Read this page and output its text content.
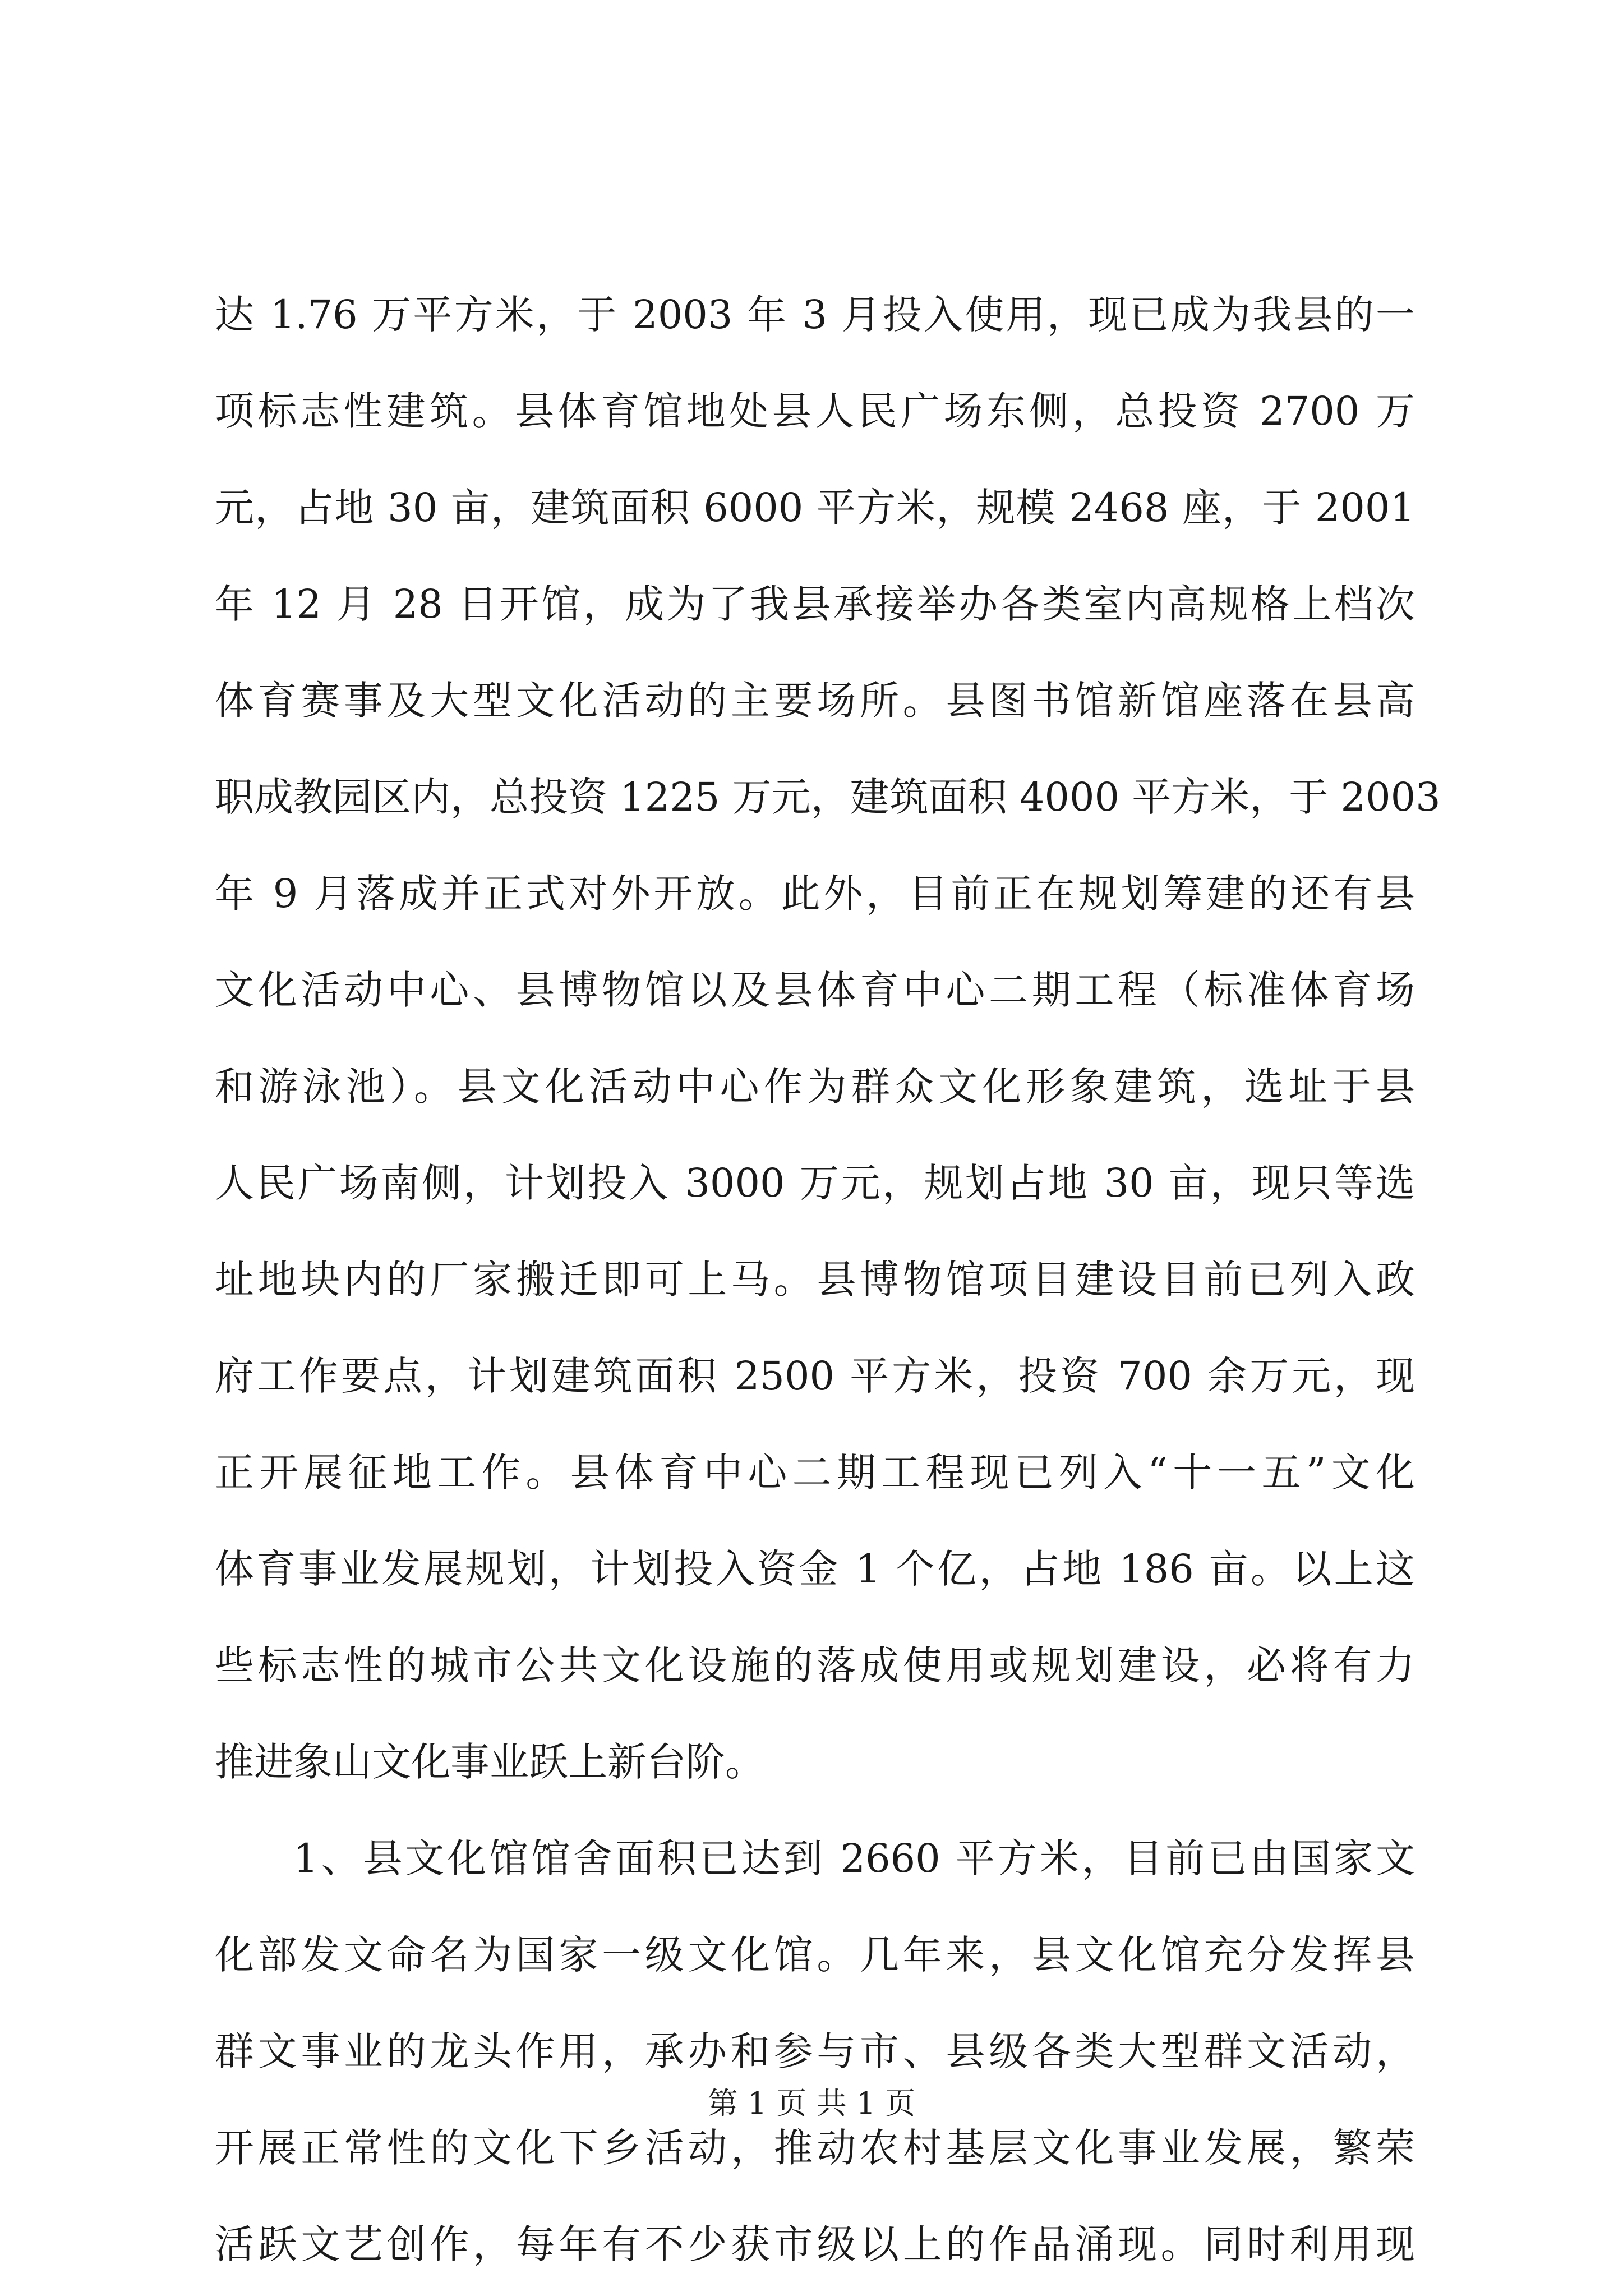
达 1.76 万平方米，于 2003 年 3 月投入使用，现已成为我县的一
项标志性建筑。县体育馆地处县人民广场东侧，总投资 2700 万
元，占地 30 亩，建筑面积 6000 平方米，规模 2468 座，于 2001
年 12 月 28 日开馆，成为了我县承接举办各类室内高规格上档次
体育赛事及大型文化活动的主要场所。县图书馆新馆座落在县高
职成教园区内，总投资 1225 万元，建筑面积 4000 平方米，于 2003
年 9 月落成并正式对外开放。此外，目前正在规划筹建的还有县
文化活动中心、县博物馆以及县体育中心二期工程（标准体育场
和游泳池）。县文化活动中心作为群众文化形象建筑，选址于县
人民广场南侧，计划投入 3000 万元，规划占地 30 亩，现只等选
址地块内的厂家搬迁即可上马。县博物馆项目建设目前已列入政
府工作要点，计划建筑面积 2500 平方米，投资 700 余万元，现
正开展征地工作。县体育中心二期工程现已列入“十一五”文化
体育事业发展规划，计划投入资金 1 个亿，占地 186 亩。以上这
些标志性的城市公共文化设施的落成使用或规划建设，必将有力
推进象山文化事业跃上新台阶。
1、县文化馆馆舍面积已达到 2660 平方米，目前已由国家文
化部发文命名为国家一级文化馆。几年来，县文化馆充分发挥县
群文事业的龙头作用，承办和参与市、县级各类大型群文活动，
开展正常性的文化下乡活动，推动农村基层文化事业发展，繁荣
活跃文艺创作，每年有不少获市级以上的作品涌现。同时利用现
第 1 页 共 1 页
